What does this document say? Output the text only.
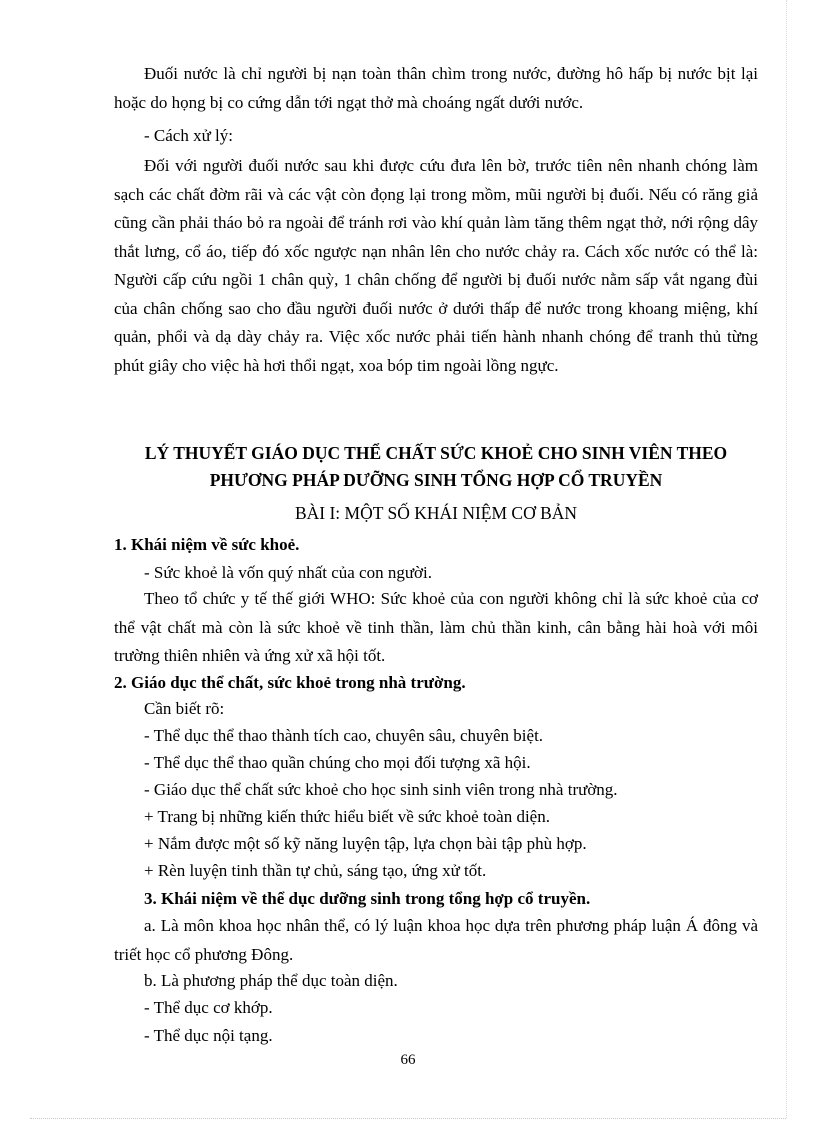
Đuối nước là chỉ người bị nạn toàn thân chìm trong nước, đường hô hấp bị nước bịt lại hoặc do họng bị co cứng dẫn tới ngạt thở mà choáng ngất dưới nước.

- Cách xử lý:

Đối với người đuối nước sau khi được cứu đưa lên bờ, trước tiên nên nhanh chóng làm sạch các chất đờm rãi và các vật còn đọng lại trong mồm, mũi người bị đuối. Nếu có răng giả cũng cần phải tháo bỏ ra ngoài để tránh rơi vào khí quản làm tăng thêm ngạt thở, nới rộng dây thắt lưng, cổ áo, tiếp đó xốc ngược nạn nhân lên cho nước chảy ra. Cách xốc nước có thể là: Người cấp cứu ngồi 1 chân quỳ, 1 chân chống để người bị đuối nước nằm sấp vắt ngang đùi của chân chống sao cho đầu người đuối nước ở dưới thấp để nước trong khoang miệng, khí quản, phổi và dạ dày chảy ra. Việc xốc nước phải tiến hành nhanh chóng để tranh thủ từng phút giây cho việc hà hơi thổi ngạt, xoa bóp tim ngoài lồng ngực.

LÝ THUYẾT GIÁO DỤC THỂ CHẤT SỨC KHOẺ CHO SINH VIÊN THEO

PHƯƠNG PHÁP DƯỠNG SINH TỔNG HỢP CỔ TRUYỀN

BÀI I: MỘT SỐ KHÁI NIỆM CƠ BẢN

1. Khái niệm về sức khoẻ.

- Sức khoẻ là vốn quý nhất của con người.

Theo tổ chức y tế thế giới WHO: Sức khoẻ của con người không chỉ là sức khoẻ của cơ thể vật chất mà còn là sức khoẻ về tinh thần, làm chủ thần kinh, cân bằng hài hoà với môi trường thiên nhiên và ứng xử xã hội tốt.

2. Giáo dục thể chất, sức khoẻ trong nhà trường.

Cần biết rõ:

- Thể dục thể thao thành tích cao, chuyên sâu, chuyên biệt.

- Thể dục thể thao quần chúng cho mọi đối tượng xã hội.

- Giáo dục thể chất sức khoẻ cho học sinh sinh viên trong nhà trường.

+ Trang bị những kiến thức hiểu biết về sức khoẻ toàn diện.

+ Nắm được một số kỹ năng luyện tập, lựa chọn bài tập phù hợp.

+ Rèn luyện tinh thần tự chủ, sáng tạo, ứng xử tốt.

3. Khái niệm về thể dục dưỡng sinh trong tổng hợp cổ truyền.

a. Là môn khoa học nhân thể, có lý luận khoa học dựa trên phương pháp luận Á đông và triết học cổ phương Đông.

b. Là phương pháp thể dục toàn diện.

- Thể dục cơ khớp.

- Thể dục nội tạng.

66
